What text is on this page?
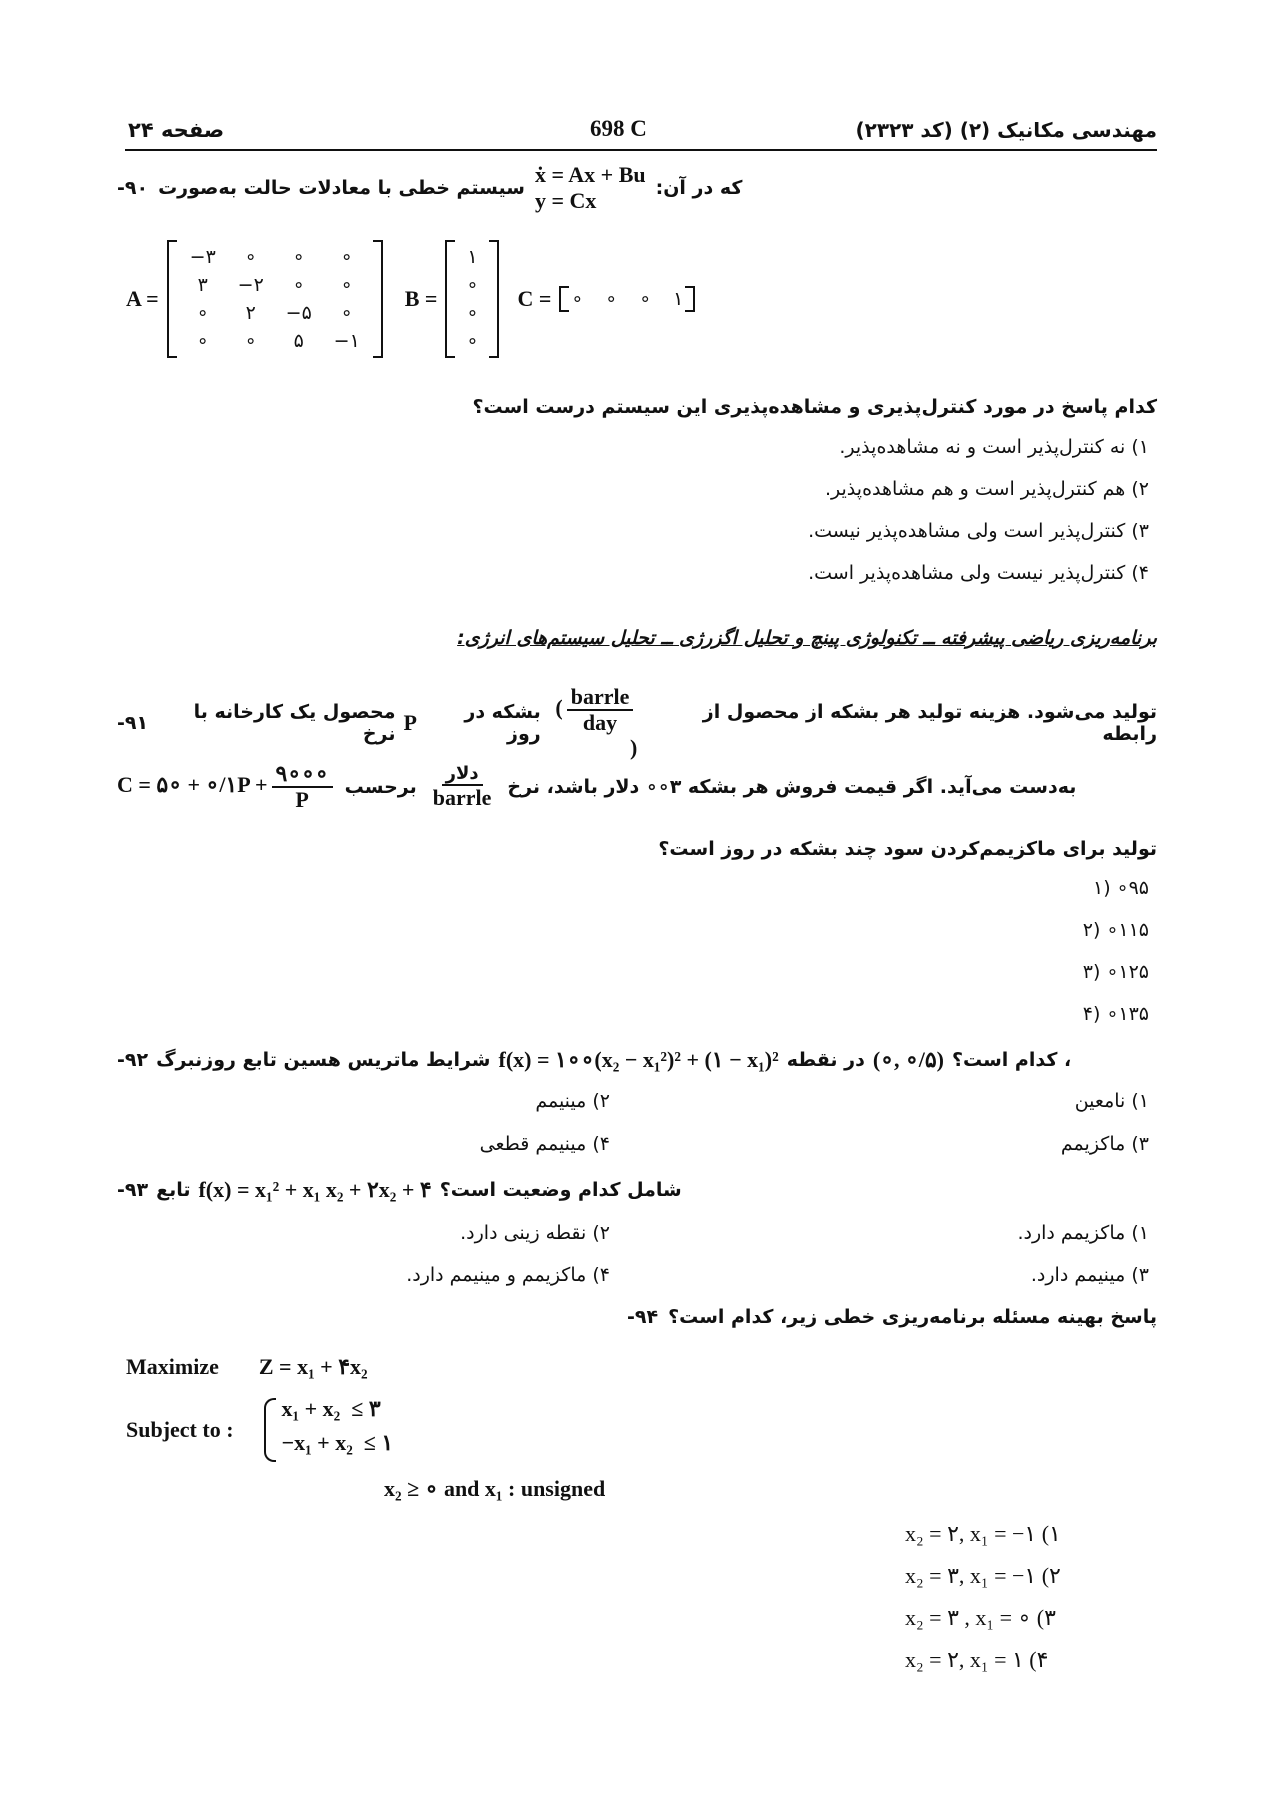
صفحه ۲۴	698 C	مهندسی مکانیک (۲) (کد ۲۳۲۳)
۹۰- سیستم خطی با معادلات حالت به‌صورت
ẋ = Ax + Bu
y = Cx	که در آن:
A =
−۳	∘	∘	∘
۳	−۲	∘	∘
∘	۲	−۵	∘
∘	∘	۵	−۱
B =
۱
∘
∘
∘
C = ∘ ∘ ∘ ۱
کدام پاسخ در مورد کنترل‌پذیری و مشاهده‌پذیری این سیستم درست است؟
۱) نه کنترل‌پذیر است و نه مشاهده‌پذیر.
۲) هم کنترل‌پذیر است و هم مشاهده‌پذیر.
۳) کنترل‌پذیر است ولی مشاهده‌پذیر نیست.
۴) کنترل‌پذیر نیست ولی مشاهده‌پذیر است.
برنامه‌ریزی ریاضی پیشرفته ــ تکنولوژی پینچ و تحلیل اگزرژی ــ تحلیل سیستم‌های انرژی:
۹۱-	محصول یک کارخانه با نرخ P	بشکه در روز
( $\frac{\text{barrle}}{\text{day}}$
)
تولید می‌شود. هزینه تولید هر بشکه از محصول از رابطه
C = ۵∘ + ∘/۱P + $\frac{۹\circ\circ\circ}{P}$ برحسب $\frac{\text{دلار}}{\text{barrle}}$ به‌دست می‌آید. اگر قیمت فروش هر بشکه ۳∘∘ دلار باشد، نرخ
تولید برای ماکزیمم‌کردن سود چند بشکه در روز است؟
۹۵∘ (۱
۱۱۵∘ (۲
۱۲۵∘ (۳
۱۳۵∘ (۴
۹۲- شرایط ماتریس هسین تابع روزنبرگ f(x) = ۱∘∘(x₂ − x₁²)² + (۱ − x₁)² در نقطه (∘, ∘/۵) ، کدام است؟
۱) نامعین
۲) مینیمم
۳) ماکزیمم
۴) مینیمم قطعی
۹۳- تابع f(x) = x₁² + x₁ x₂ + ۲x₂ + ۴ شامل کدام وضعیت است؟
۱) ماکزیمم دارد.
۲) نقطه زینی دارد.
۳) مینیمم دارد.
۴) ماکزیمم و مینیمم دارد.
۹۴- پاسخ بهینه مسئله برنامه‌ریزی خطی زیر، کدام است؟
Maximize Z = x₁ + ۴x₂
Subject to :
x₁ + x₂  ≤ ۳
−x₁ + x₂  ≤ ۱
x₂ ≥ ∘ and x₁ : unsigned
x₂ = ۲, x₁ = −۱ (۱
x₂ = ۳, x₁ = −۱ (۲
x₂ = ۳ , x₁ = ∘ (۳
x₂ = ۲, x₁ = ۱ (۴
